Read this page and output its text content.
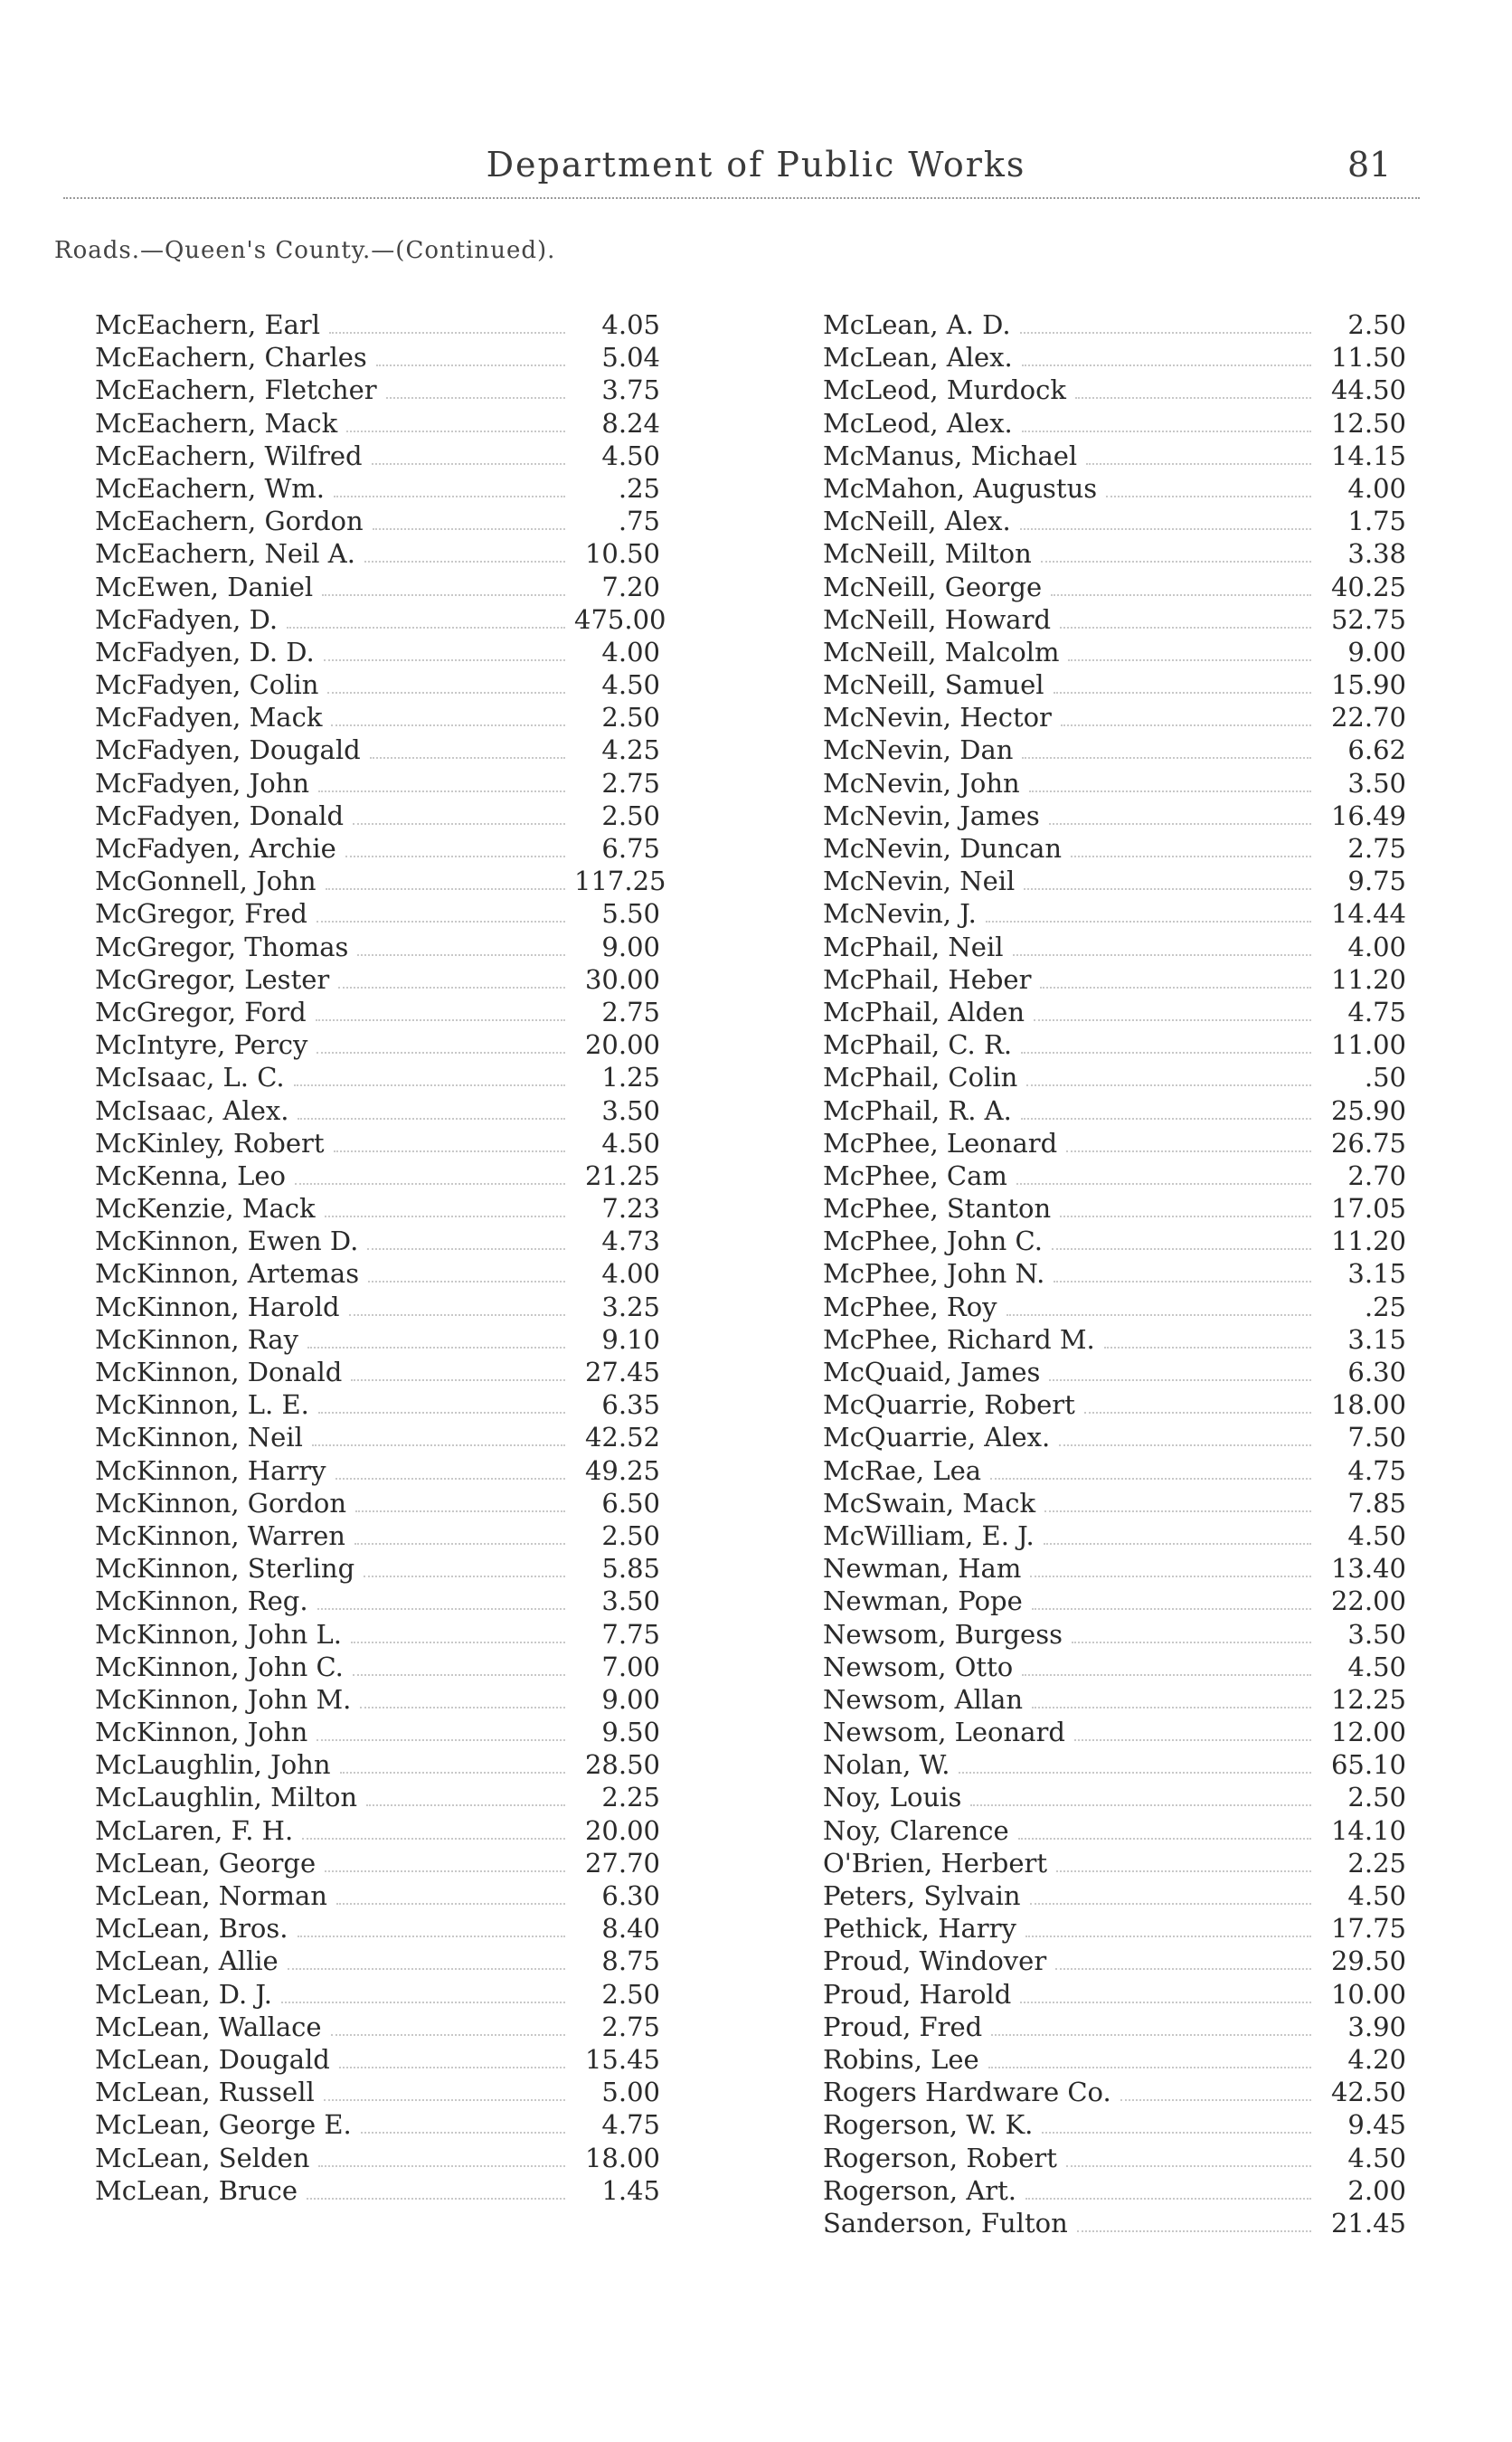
Department of Public Works	81
Roads.—Queen's County.—(Continued).
McEachern, Earl	4.05
McEachern, Charles	5.04
McEachern, Fletcher	3.75
McEachern, Mack	8.24
McEachern, Wilfred	4.50
McEachern, Wm.	.25
McEachern, Gordon	.75
McEachern, Neil A.	10.50
McEwen, Daniel	7.20
McFadyen, D.	475.00
McFadyen, D. D.	4.00
McFadyen, Colin	4.50
McFadyen, Mack	2.50
McFadyen, Dougald	4.25
McFadyen, John	2.75
McFadyen, Donald	2.50
McFadyen, Archie	6.75
McGonnell, John	117.25
McGregor, Fred	5.50
McGregor, Thomas	9.00
McGregor, Lester	30.00
McGregor, Ford	2.75
McIntyre, Percy	20.00
McIsaac, L. C.	1.25
McIsaac, Alex.	3.50
McKinley, Robert	4.50
McKenna, Leo	21.25
McKenzie, Mack	7.23
McKinnon, Ewen D.	4.73
McKinnon, Artemas	4.00
McKinnon, Harold	3.25
McKinnon, Ray	9.10
McKinnon, Donald	27.45
McKinnon, L. E.	6.35
McKinnon, Neil	42.52
McKinnon, Harry	49.25
McKinnon, Gordon	6.50
McKinnon, Warren	2.50
McKinnon, Sterling	5.85
McKinnon, Reg.	3.50
McKinnon, John L.	7.75
McKinnon, John C.	7.00
McKinnon, John M.	9.00
McKinnon, John	9.50
McLaughlin, John	28.50
McLaughlin, Milton	2.25
McLaren, F. H.	20.00
McLean, George	27.70
McLean, Norman	6.30
McLean, Bros.	8.40
McLean, Allie	8.75
McLean, D. J.	2.50
McLean, Wallace	2.75
McLean, Dougald	15.45
McLean, Russell	5.00
McLean, George E.	4.75
McLean, Selden	18.00
McLean, Bruce	1.45
McLean, A. D.	2.50
McLean, Alex.	11.50
McLeod, Murdock	44.50
McLeod, Alex.	12.50
McManus, Michael	14.15
McMahon, Augustus	4.00
McNeill, Alex.	1.75
McNeill, Milton	3.38
McNeill, George	40.25
McNeill, Howard	52.75
McNeill, Malcolm	9.00
McNeill, Samuel	15.90
McNevin, Hector	22.70
McNevin, Dan	6.62
McNevin, John	3.50
McNevin, James	16.49
McNevin, Duncan	2.75
McNevin, Neil	9.75
McNevin, J.	14.44
McPhail, Neil	4.00
McPhail, Heber	11.20
McPhail, Alden	4.75
McPhail, C. R.	11.00
McPhail, Colin	.50
McPhail, R. A.	25.90
McPhee, Leonard	26.75
McPhee, Cam	2.70
McPhee, Stanton	17.05
McPhee, John C.	11.20
McPhee, John N.	3.15
McPhee, Roy	.25
McPhee, Richard M.	3.15
McQuaid, James	6.30
McQuarrie, Robert	18.00
McQuarrie, Alex.	7.50
McRae, Lea	4.75
McSwain, Mack	7.85
McWilliam, E. J.	4.50
Newman, Ham	13.40
Newman, Pope	22.00
Newsom, Burgess	3.50
Newsom, Otto	4.50
Newsom, Allan	12.25
Newsom, Leonard	12.00
Nolan, W.	65.10
Noy, Louis	2.50
Noy, Clarence	14.10
O'Brien, Herbert	2.25
Peters, Sylvain	4.50
Pethick, Harry	17.75
Proud, Windover	29.50
Proud, Harold	10.00
Proud, Fred	3.90
Robins, Lee	4.20
Rogers Hardware Co.	42.50
Rogerson, W. K.	9.45
Rogerson, Robert	4.50
Rogerson, Art.	2.00
Sanderson, Fulton	21.45
